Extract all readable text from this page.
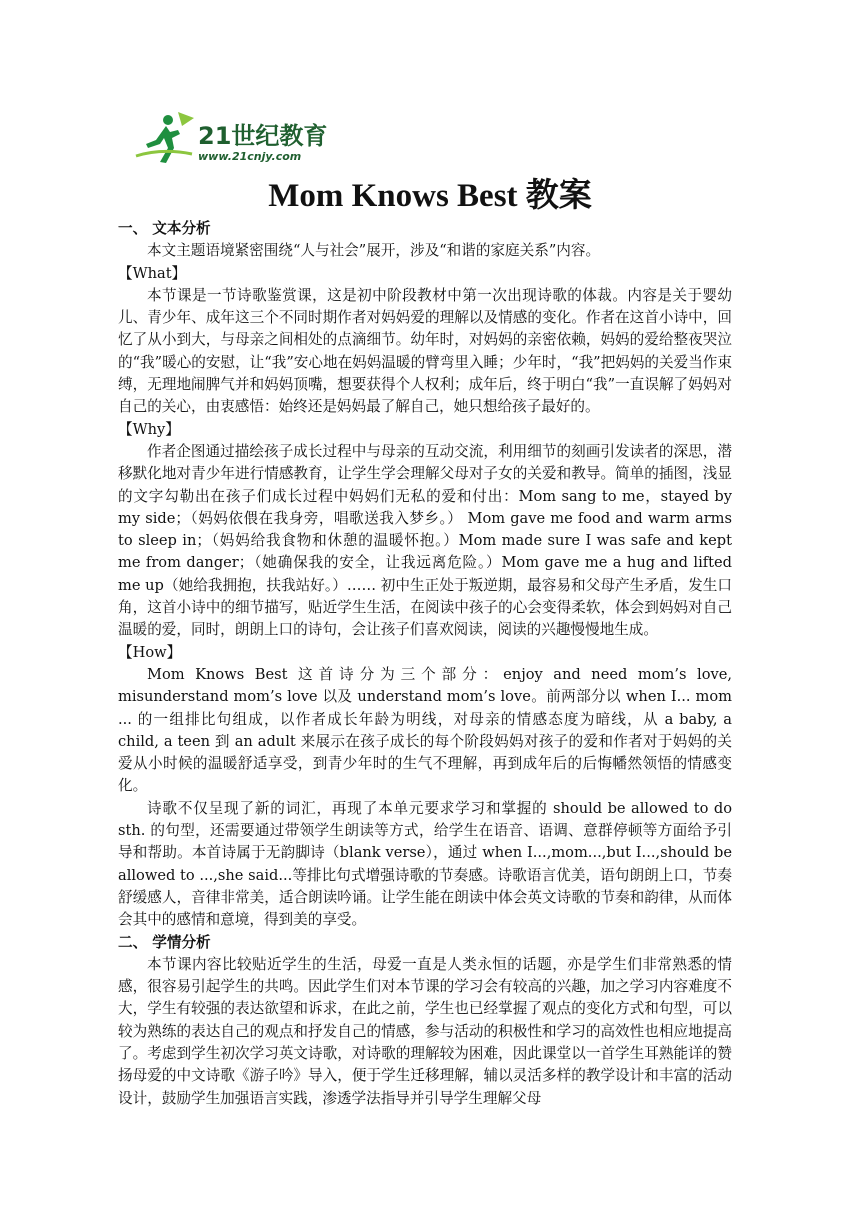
21世纪教育
www.21cnjy.com
Mom Knows Best 教案
一、 文本分析

本文主题语境紧密围绕“人与社会”展开，涉及“和谐的家庭关系”内容。

【What】

本节课是一节诗歌鉴赏课，这是初中阶段教材中第一次出现诗歌的体裁。内容是关于婴幼儿、青少年、成年这三个不同时期作者对妈妈爱的理解以及情感的变化。作者在这首小诗中，回忆了从小到大，与母亲之间相处的点滴细节。幼年时，对妈妈的亲密依赖，妈妈的爱给整夜哭泣的“我”暖心的安慰，让“我”安心地在妈妈温暖的臂弯里入睡；少年时，“我”把妈妈的关爱当作束缚，无理地闹脾气并和妈妈顶嘴，想要获得个人权利；成年后，终于明白“我”一直误解了妈妈对自己的关心，由衷感悟：始终还是妈妈最了解自己，她只想给孩子最好的。

【Why】

作者企图通过描绘孩子成长过程中与母亲的互动交流，利用细节的刻画引发读者的深思，潜移默化地对青少年进行情感教育，让学生学会理解父母对子女的关爱和教导。简单的插图，浅显的文字勾勒出在孩子们成长过程中妈妈们无私的爱和付出：Mom sang to me，stayed by my side；（妈妈依偎在我身旁，唱歌送我入梦乡。） Mom gave me food and warm arms to sleep in；（妈妈给我食物和休憩的温暖怀抱。）Mom made sure I was safe and kept me from danger；（她确保我的安全，让我远离危险。）Mom gave me a hug and lifted me up（她给我拥抱，扶我站好。）…… 初中生正处于叛逆期，最容易和父母产生矛盾，发生口角，这首小诗中的细节描写，贴近学生生活，在阅读中孩子的心会变得柔软，体会到妈妈对自己温暖的爱，同时，朗朗上口的诗句，会让孩子们喜欢阅读，阅读的兴趣慢慢地生成。

【How】

Mom Knows Best 这首诗分为三个部分：enjoy and need mom’s love, misunderstand mom’s love 以及 understand mom’s love。前两部分以 when I... mom ... 的一组排比句组成，以作者成长年龄为明线，对母亲的情感态度为暗线，从 a baby, a child, a teen 到 an adult 来展示在孩子成长的每个阶段妈妈对孩子的爱和作者对于妈妈的关爱从小时候的温暖舒适享受，到青少年时的生气不理解，再到成年后的后悔幡然领悟的情感变化。

诗歌不仅呈现了新的词汇，再现了本单元要求学习和掌握的 should be allowed to do sth. 的句型，还需要通过带领学生朗读等方式，给学生在语音、语调、意群停顿等方面给予引导和帮助。本首诗属于无韵脚诗（blank verse），通过 when I...,mom...,but I...,should be allowed to ...,she said...等排比句式增强诗歌的节奏感。诗歌语言优美，语句朗朗上口，节奏舒缓感人，音律非常美，适合朗读吟诵。让学生能在朗读中体会英文诗歌的节奏和韵律，从而体会其中的感情和意境，得到美的享受。

二、 学情分析

本节课内容比较贴近学生的生活，母爱一直是人类永恒的话题，亦是学生们非常熟悉的情感，很容易引起学生的共鸣。因此学生们对本节课的学习会有较高的兴趣，加之学习内容难度不大，学生有较强的表达欲望和诉求，在此之前，学生也已经掌握了观点的变化方式和句型，可以较为熟练的表达自己的观点和抒发自己的情感，参与活动的积极性和学习的高效性也相应地提高了。考虑到学生初次学习英文诗歌，对诗歌的理解较为困难，因此课堂以一首学生耳熟能详的赞扬母爱的中文诗歌《游子吟》导入，便于学生迁移理解，辅以灵活多样的教学设计和丰富的活动设计，鼓励学生加强语言实践，渗透学法指导并引导学生理解父母
